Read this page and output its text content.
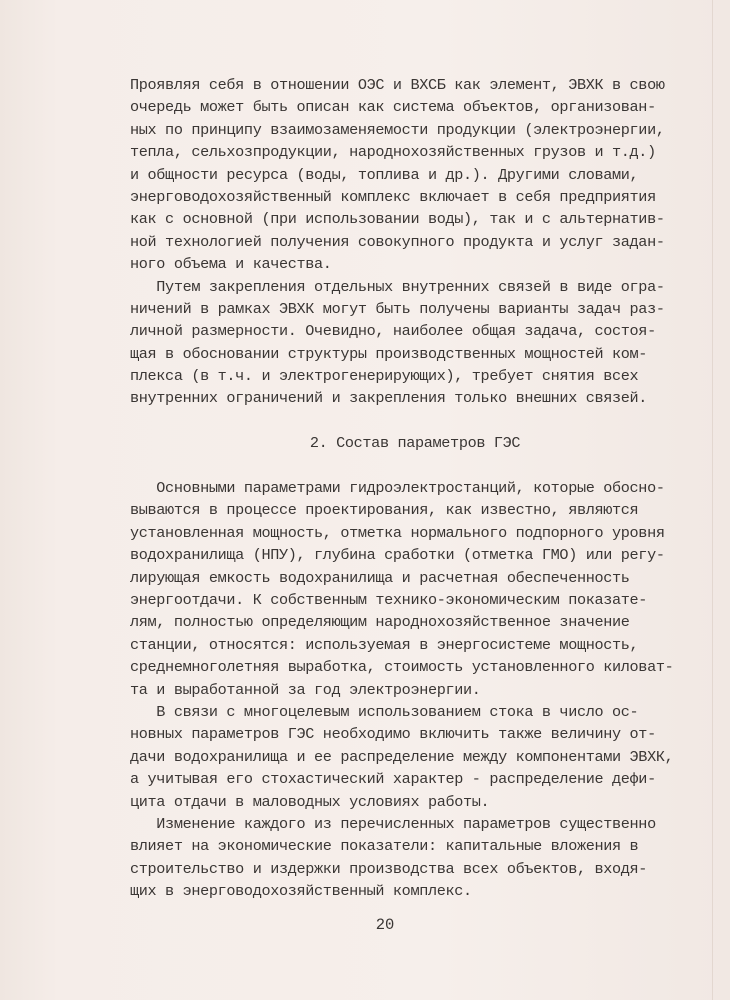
Проявляя себя в отношении ОЭС и ВХСБ как элемент, ЭВХК в свою
очередь может быть описан как система объектов, организован-
ных по принципу взаимозаменяемости продукции (электроэнергии,
тепла, сельхозпродукции, народнохозяйственных грузов и т.д.)
и общности ресурса (воды, топлива и др.). Другими словами,
энерговодохозяйственный комплекс включает в себя предприятия
как с основной (при использовании воды), так и с альтернатив-
ной технологией получения совокупного продукта и услуг задан-
ного объема и качества.
Путем закрепления отдельных внутренних связей в виде огра-
ничений в рамках ЭВХК могут быть получены варианты задач раз-
личной размерности. Очевидно, наиболее общая задача, состоя-
щая в обосновании структуры производственных мощностей ком-
плекса (в т.ч. и электрогенерирующих), требует снятия всех
внутренних ограничений и закрепления только внешних связей.
2. Состав параметров ГЭС
Основными параметрами гидроэлектростанций, которые обосно-
вываются в процессе проектирования, как известно, являются
установленная мощность, отметка нормального подпорного уровня
водохранилища (НПУ), глубина сработки (отметка ГМО) или регу-
лирующая емкость водохранилища и расчетная обеспеченность
энергоотдачи. К собственным технико-экономическим показате-
лям, полностью определяющим народнохозяйственное значение
станции, относятся: используемая в энергосистеме мощность,
среднемноголетняя выработка, стоимость установленного киловат-
та и выработанной за год электроэнергии.
В связи с многоцелевым использованием стока в число ос-
новных параметров ГЭС необходимо включить также величину от-
дачи водохранилища и ее распределение между компонентами ЭВХК,
а учитывая его стохастический характер - распределение дефи-
цита отдачи в маловодных условиях работы.
Изменение каждого из перечисленных параметров существенно
влияет на экономические показатели: капитальные вложения в
строительство и издержки производства всех объектов, входя-
щих в энерговодохозяйственный комплекс.
20
